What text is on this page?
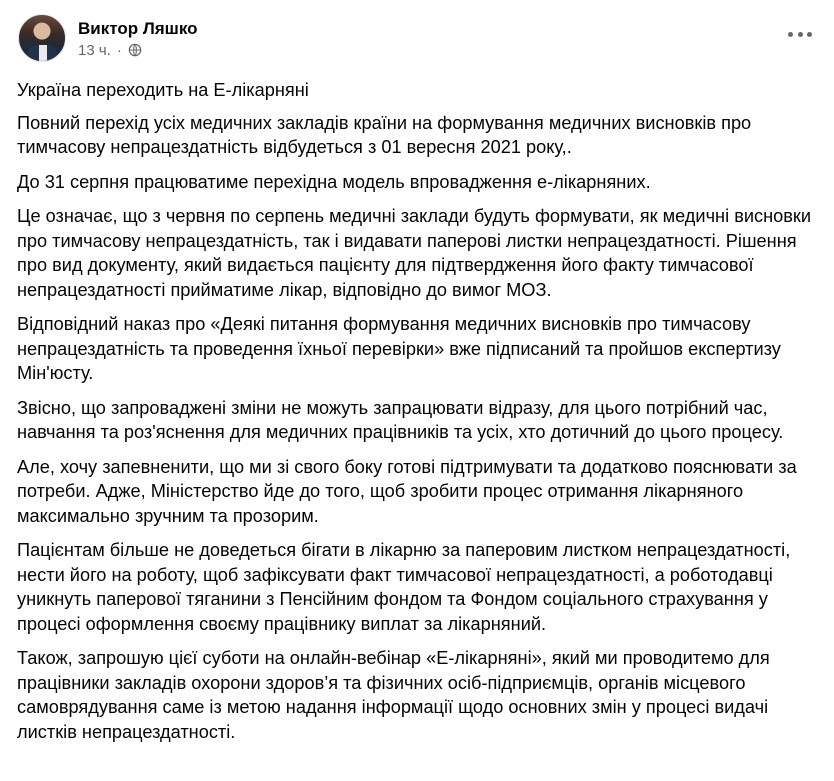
Виктор Ляшко
13 ч. ·

Україна переходить на Е-лікарняні

Повний перехід усіх медичних закладів країни на формування медичних висновків про тимчасову непрацездатність відбудеться з 01 вересня 2021 року,.

До 31 серпня працюватиме перехідна модель впровадження е-лікарняних.

Це означає, що з червня по серпень медичні заклади будуть формувати, як медичні висновки про тимчасову непрацездатність, так і видавати паперові листки непрацездатності. Рішення про вид документу, який видається пацієнту для підтвердження його факту тимчасової непрацездатності прийматиме лікар, відповідно до вимог МОЗ.

Відповідний наказ про «Деякі питання формування медичних висновків про тимчасову непрацездатність та проведення їхньої перевірки» вже підписаний та пройшов експертизу Мін'юсту.

Звісно, що запроваджені зміни не можуть запрацювати відразу, для цього потрібний час, навчання та роз'яснення для медичних працівників та усіх, хто дотичний до цього процесу.

Але, хочу запевненити, що ми зі свого боку готові підтримувати та додатково пояснювати за потреби. Адже, Міністерство йде до того, щоб зробити процес отримання лікарняного максимально зручним та прозорим.

Пацієнтам більше не доведеться бігати в лікарню за паперовим листком непрацездатності, нести його на роботу, щоб зафіксувати факт тимчасової непрацездатності, а роботодавці уникнуть паперової тяганини з Пенсійним фондом та Фондом соціального страхування у процесі оформлення своєму працівнику виплат за лікарняний.

Також, запрошую цієї суботи на онлайн-вебінар «Е-лікарняні», який ми проводитемо для працівники закладів охорони здоров’я та фізичних осіб-підприємців, органів місцевого самоврядування саме із метою надання інформації щодо основних змін у процесі видачі листків непрацездатності.
